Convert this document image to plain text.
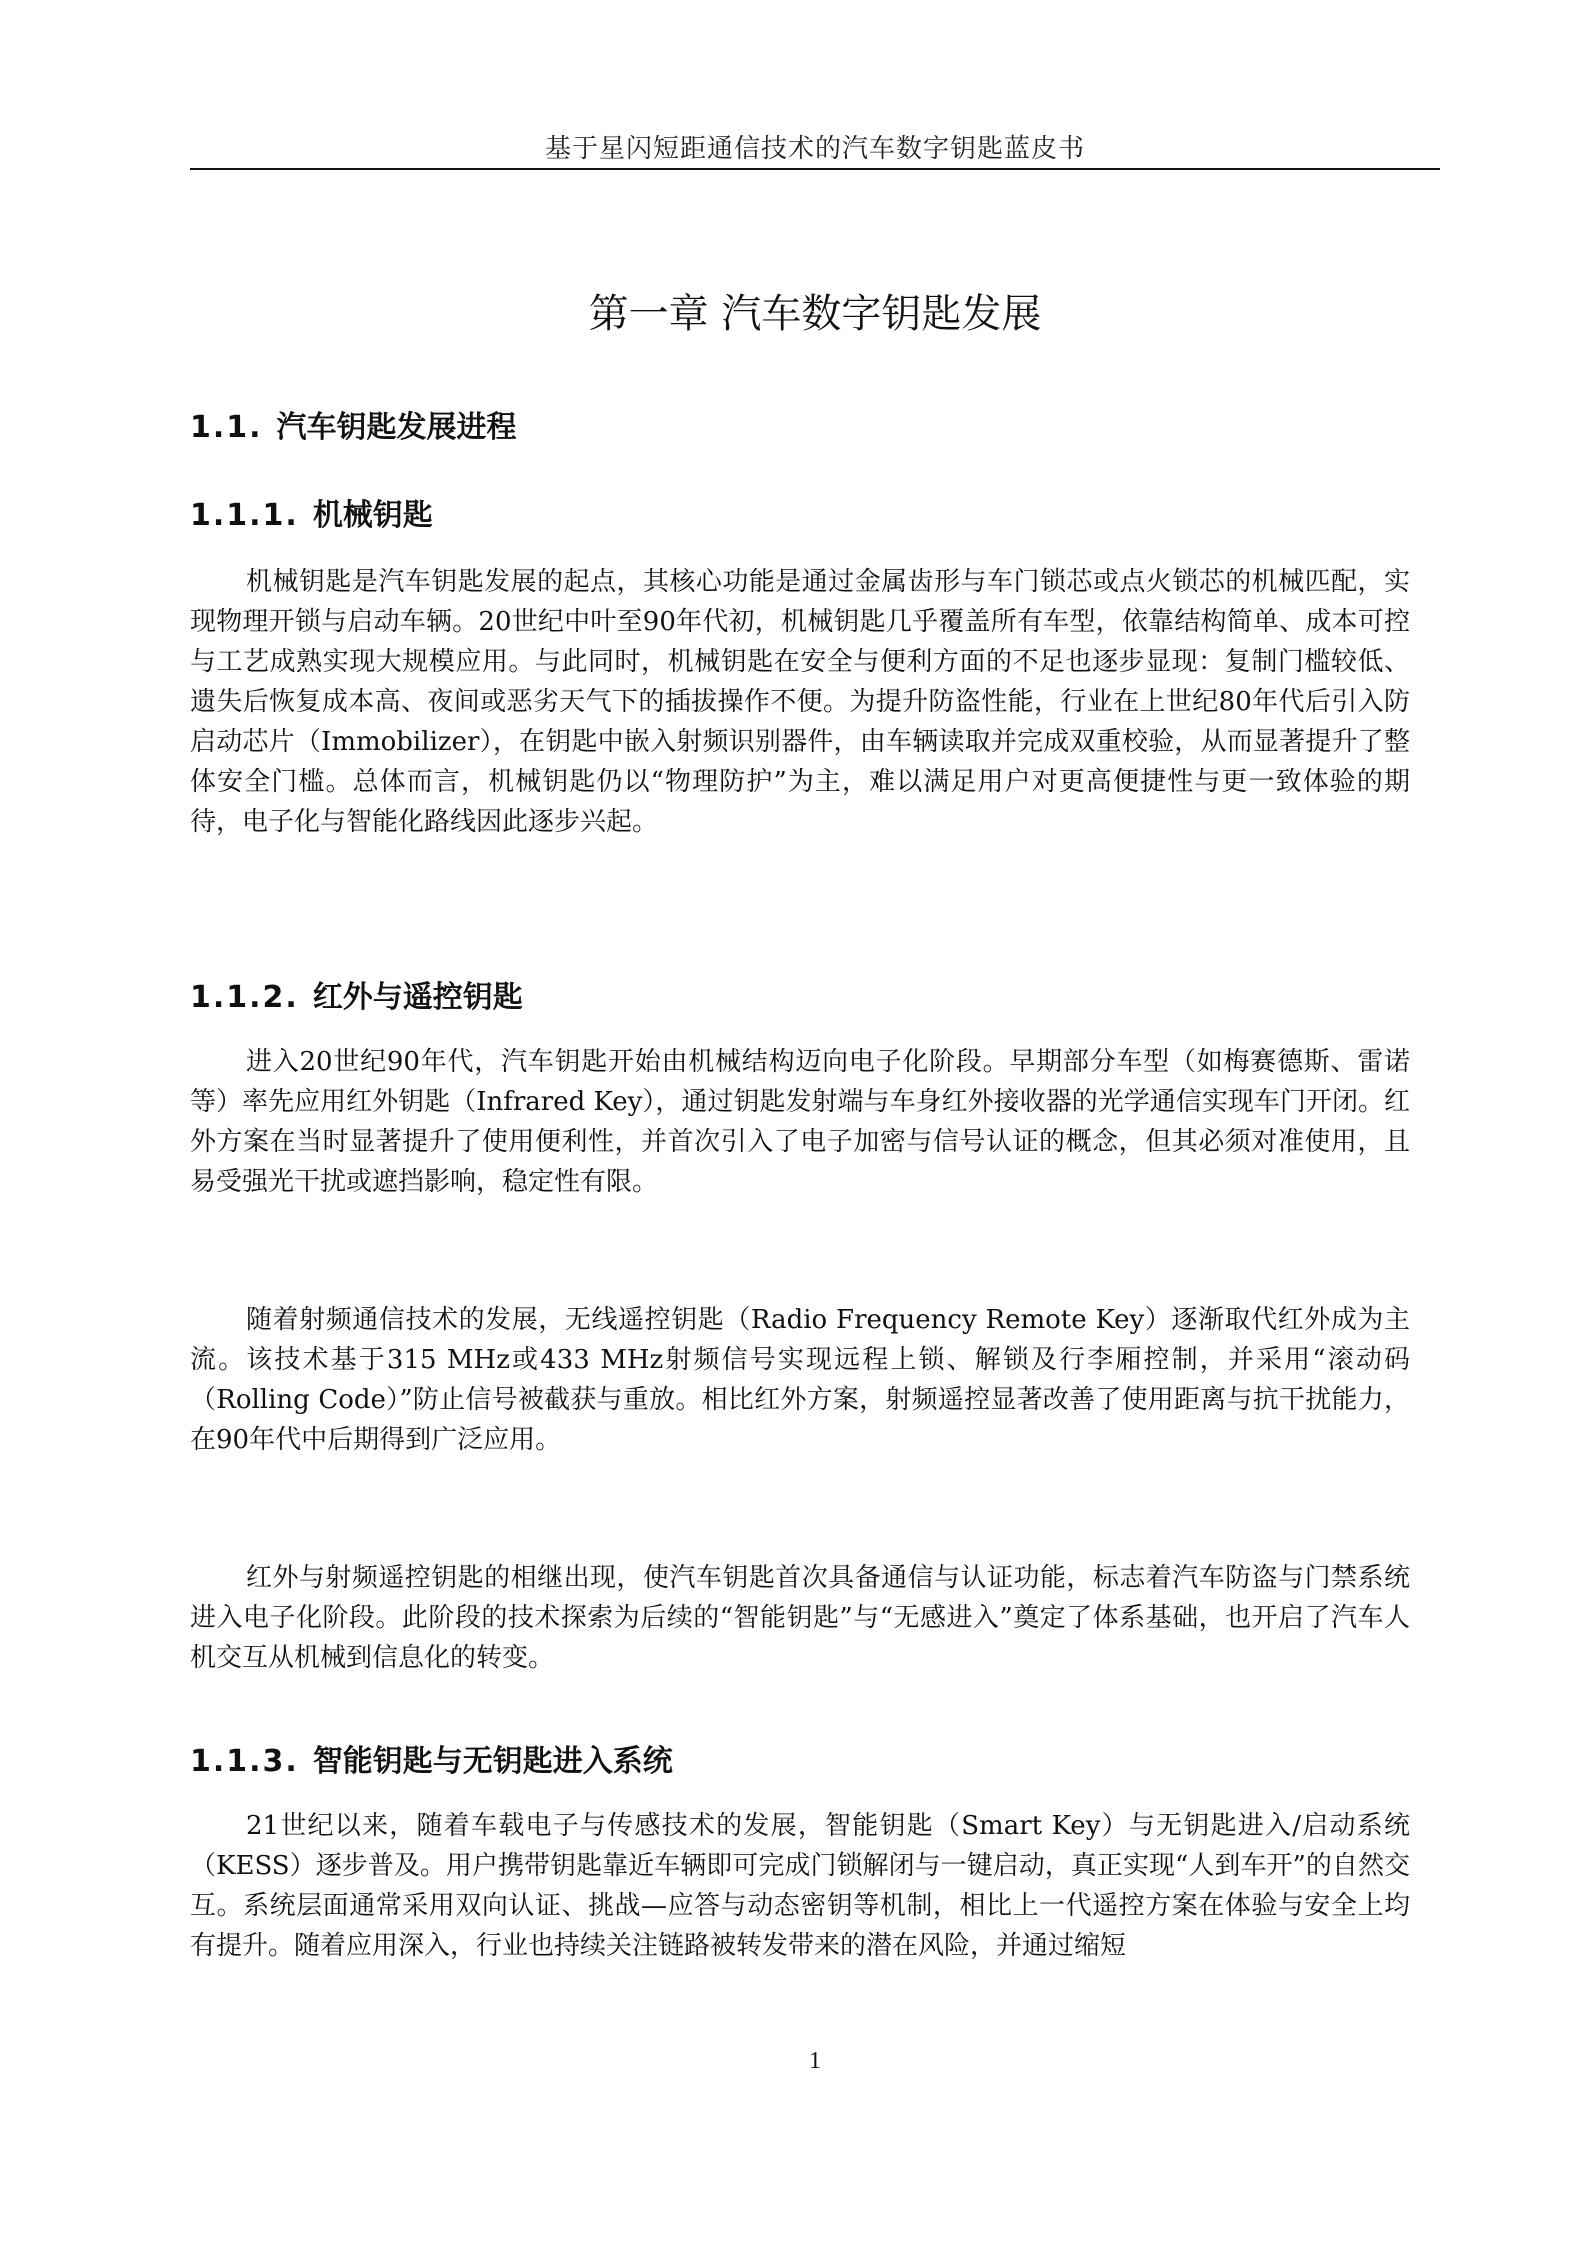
基于星闪短距通信技术的汽车数字钥匙蓝皮书
第一章 汽车数字钥匙发展
1.1. 汽车钥匙发展进程
1.1.1. 机械钥匙

机械钥匙是汽车钥匙发展的起点，其核心功能是通过金属齿形与车门锁芯或点火锁芯的机械匹配，实现物理开锁与启动车辆。20世纪中叶至90年代初，机械钥匙几乎覆盖所有车型，依靠结构简单、成本可控与工艺成熟实现大规模应用。与此同时，机械钥匙在安全与便利方面的不足也逐步显现：复制门槛较低、遗失后恢复成本高、夜间或恶劣天气下的插拔操作不便。为提升防盗性能，行业在上世纪80年代后引入防启动芯片（Immobilizer），在钥匙中嵌入射频识别器件，由车辆读取并完成双重校验，从而显著提升了整体安全门槛。总体而言，机械钥匙仍以“物理防护”为主，难以满足用户对更高便捷性与更一致体验的期待，电子化与智能化路线因此逐步兴起。

1.1.2. 红外与遥控钥匙

进入20世纪90年代，汽车钥匙开始由机械结构迈向电子化阶段。早期部分车型（如梅赛德斯、雷诺等）率先应用红外钥匙（Infrared Key），通过钥匙发射端与车身红外接收器的光学通信实现车门开闭。红外方案在当时显著提升了使用便利性，并首次引入了电子加密与信号认证的概念，但其必须对准使用，且易受强光干扰或遮挡影响，稳定性有限。

随着射频通信技术的发展，无线遥控钥匙（Radio Frequency Remote Key）逐渐取代红外成为主流。该技术基于315 MHz或433 MHz射频信号实现远程上锁、解锁及行李厢控制，并采用“滚动码（Rolling Code）”防止信号被截获与重放。相比红外方案，射频遥控显著改善了使用距离与抗干扰能力，在90年代中后期得到广泛应用。

红外与射频遥控钥匙的相继出现，使汽车钥匙首次具备通信与认证功能，标志着汽车防盗与门禁系统进入电子化阶段。此阶段的技术探索为后续的“智能钥匙”与“无感进入”奠定了体系基础，也开启了汽车人机交互从机械到信息化的转变。

1.1.3. 智能钥匙与无钥匙进入系统

21世纪以来，随着车载电子与传感技术的发展，智能钥匙（Smart Key）与无钥匙进入/启动系统（KESS）逐步普及。用户携带钥匙靠近车辆即可完成门锁解闭与一键启动，真正实现“人到车开”的自然交互。系统层面通常采用双向认证、挑战—应答与动态密钥等机制，相比上一代遥控方案在体验与安全上均有提升。随着应用深入，行业也持续关注链路被转发带来的潜在风险，并通过缩短

1
